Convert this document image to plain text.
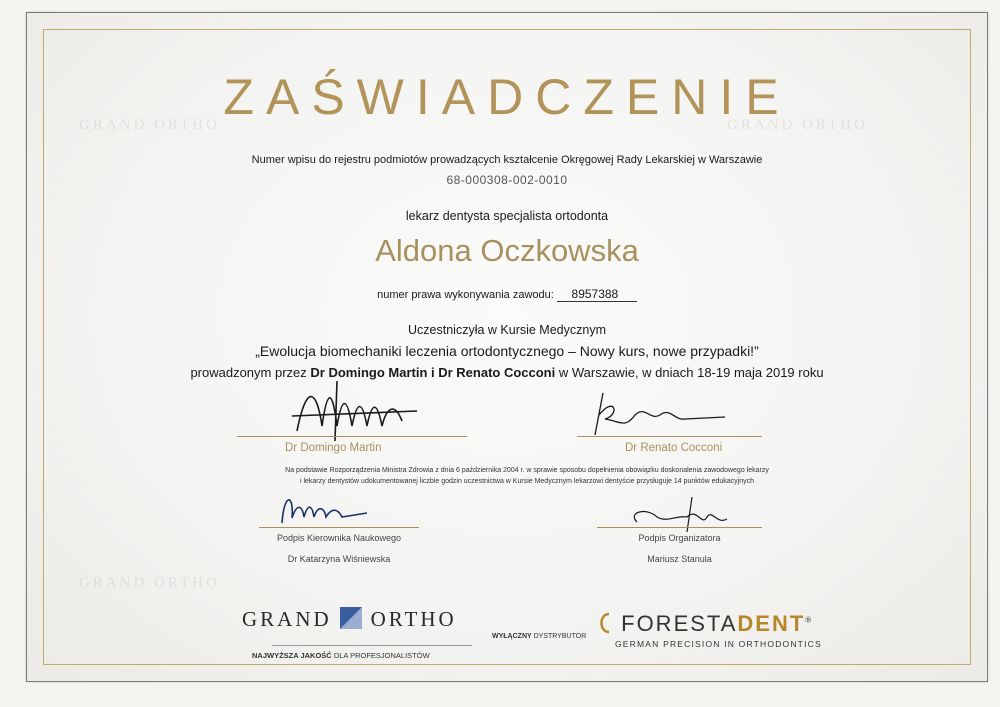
GRAND ORTHO	GRAND ORTHO
GRAND ORTHO
ZAŚWIADCZENIE
Numer wpisu do rejestru podmiotów prowadzących kształcenie Okręgowej Rady Lekarskiej w Warszawie
68-000308-002-0010
lekarz dentysta specjalista ortodonta
Aldona Oczkowska
numer prawa wykonywania zawodu: 8957388
Uczestniczyła w Kursie Medycznym
„Ewolucja biomechaniki leczenia ortodontycznego – Nowy kurs, nowe przypadki!”
prowadzonym przez Dr Domingo Martin i Dr Renato Cocconi w Warszawie, w dniach 18-19 maja 2019 roku
Dr Domingo Martin	Dr Renato Cocconi
Na podstawie Rozporządzenia Ministra Zdrowia z dnia 6 października 2004 r. w sprawie sposobu dopełnienia obowiązku doskonalenia zawodowego lekarzy
i lekarzy dentystów udokumentowanej liczbie godzin uczestnictwa w Kursie Medycznym lekarzowi dentyście przysługuje 14 punktów edukacyjnych
Podpis Kierownika Naukowego
Dr Katarzyna Wiśniewska
Podpis Organizatora
Mariusz Stanula
GRAND ORTHO
NAJWYŻSZA JAKOŚĆ DLA PROFESJONALISTÓW
WYŁĄCZNY DYSTRYBUTOR
FORESTADENT®
GERMAN PRECISION IN ORTHODONTICS
